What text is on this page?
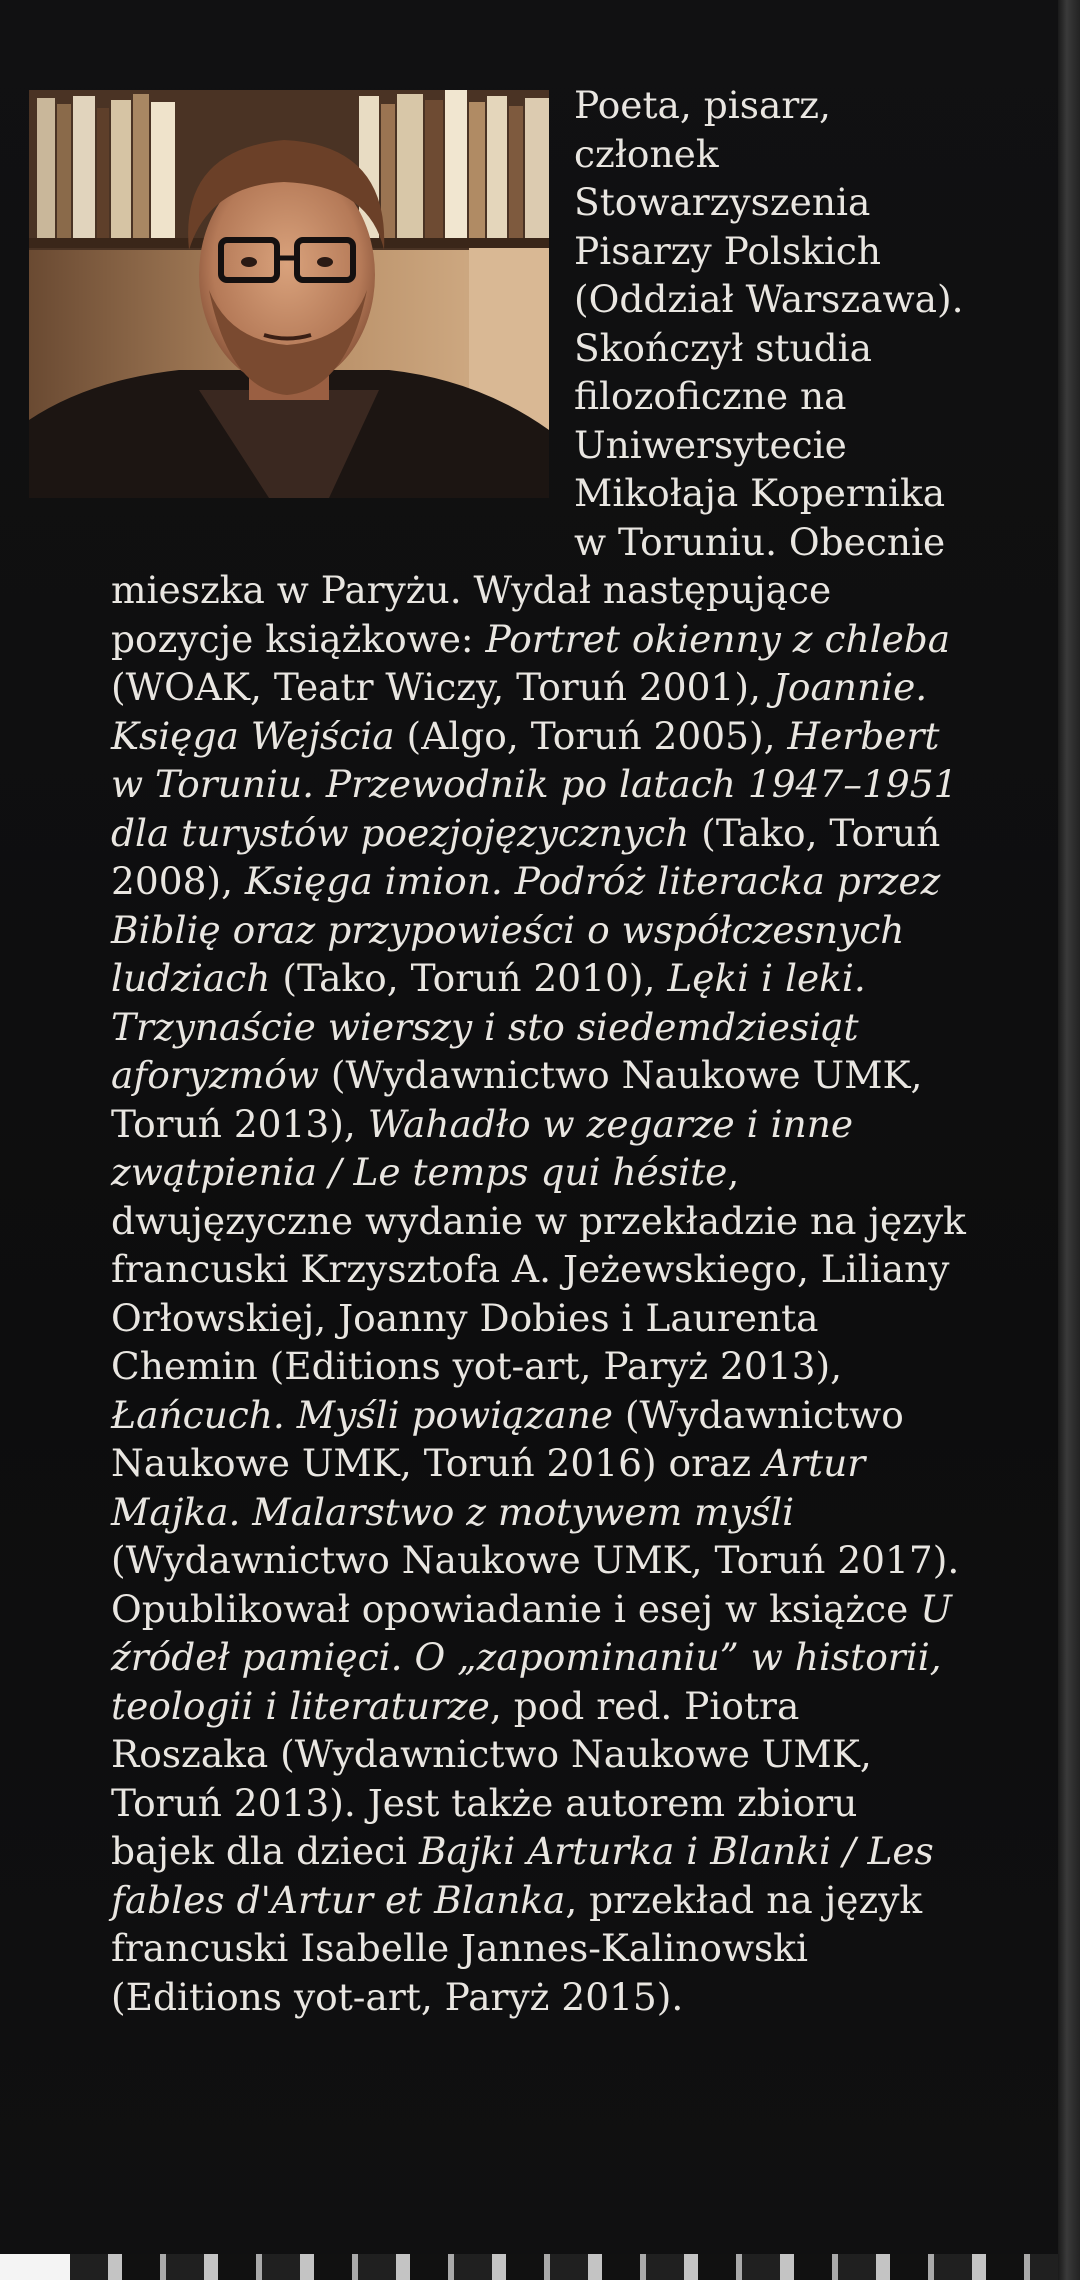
Poeta, pisarz, członek Stowarzyszenia Pisarzy Polskich (Oddział Warszawa). Skończył studia filozoficzne na Uniwersytecie Mikołaja Kopernika w Toruniu. Obecnie mieszka w Paryżu. Wydał następujące pozycje książkowe: Portret okienny z chleba (WOAK, Teatr Wiczy, Toruń 2001), Joannie. Księga Wejścia (Algo, Toruń 2005), Herbert w Toruniu. Przewodnik po latach 1947–1951 dla turystów poezjojęzycznych (Tako, Toruń 2008), Księga imion. Podróż literacka przez Biblię oraz przypowieści o współczesnych ludziach (Tako, Toruń 2010), Lęki i leki. Trzynaście wierszy i sto siedemdziesiąt aforyzmów (Wydawnictwo Naukowe UMK, Toruń 2013), Wahadło w zegarze i inne zwątpienia / Le temps qui hésite, dwujęzyczne wydanie w przekładzie na język francuski Krzysztofa A. Jeżewskiego, Liliany Orłowskiej, Joanny Dobies i Laurenta Chemin (Editions yot-art, Paryż 2013), Łańcuch. Myśli powiązane (Wydawnictwo Naukowe UMK, Toruń 2016) oraz Artur Majka. Malarstwo z motywem myśli (Wydawnictwo Naukowe UMK, Toruń 2017). Opublikował opowiadanie i esej w książce U źródeł pamięci. O „zapominaniu” w historii, teologii i literaturze, pod red. Piotra Roszaka (Wydawnictwo Naukowe UMK, Toruń 2013). Jest także autorem zbioru bajek dla dzieci Bajki Arturka i Blanki / Les fables d'Artur et Blanka, przekład na język francuski Isabelle Jannes-Kalinowski (Editions yot-art, Paryż 2015).
